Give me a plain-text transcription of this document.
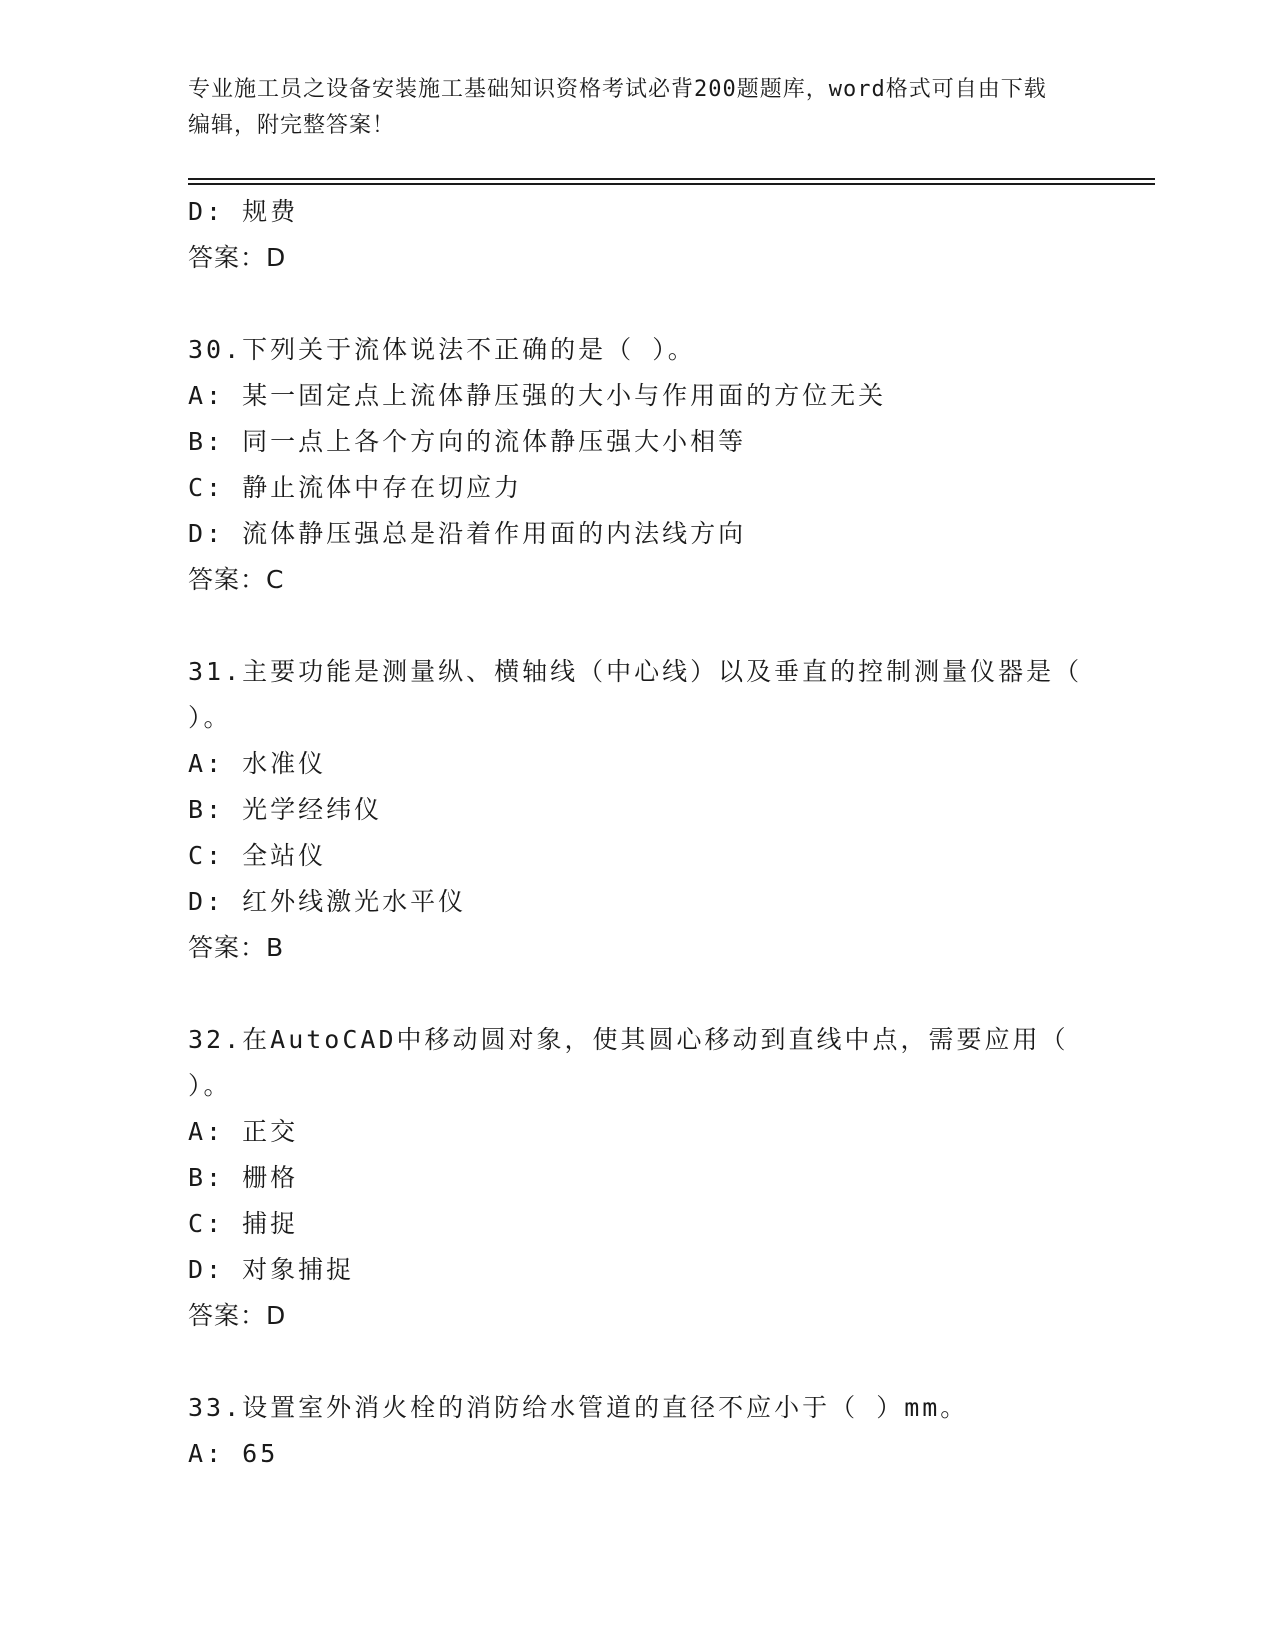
专业施工员之设备安装施工基础知识资格考试必背200题题库，word格式可自由下载编辑，附完整答案！
D: 规费
答案：D
30.下列关于流体说法不正确的是（ ）。
A: 某一固定点上流体静压强的大小与作用面的方位无关
B: 同一点上各个方向的流体静压强大小相等
C: 静止流体中存在切应力
D: 流体静压强总是沿着作用面的内法线方向
答案：C
31.主要功能是测量纵、横轴线（中心线）以及垂直的控制测量仪器是（ ）。
A: 水准仪
B: 光学经纬仪
C: 全站仪
D: 红外线激光水平仪
答案：B
32.在AutoCAD中移动圆对象，使其圆心移动到直线中点，需要应用（ ）。
A: 正交
B: 栅格
C: 捕捉
D: 对象捕捉
答案：D
33.设置室外消火栓的消防给水管道的直径不应小于（ ）mm。
A: 65
